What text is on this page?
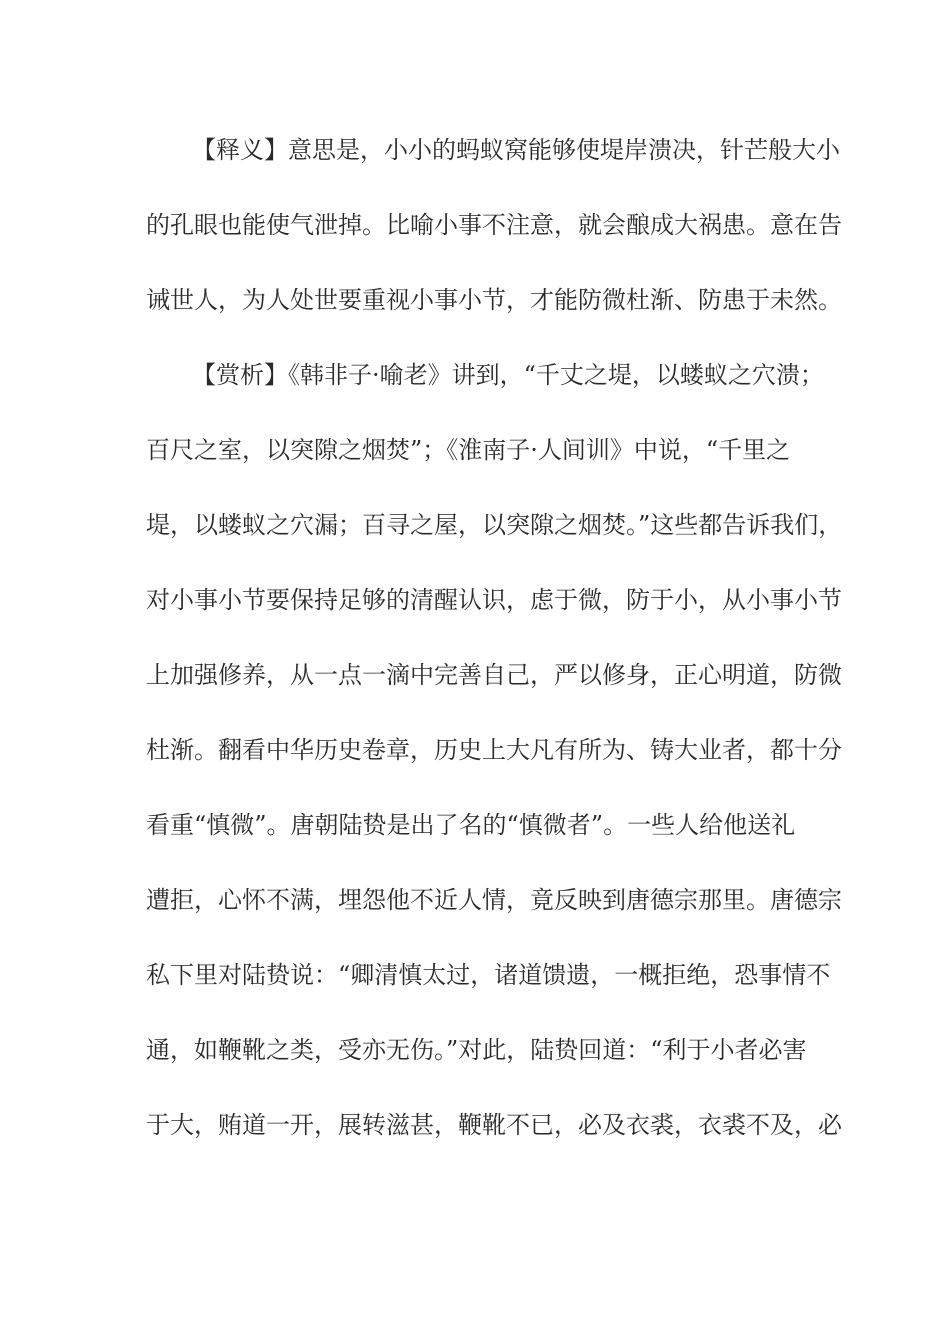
【释义】意思是，小小的蚂蚁窝能够使堤岸溃决，针芒般大小
的孔眼也能使气泄掉。比喻小事不注意，就会酿成大祸患。意在告
诫世人，为人处世要重视小事小节，才能防微杜渐、防患于未然。
【赏析】《韩非子·喻老》讲到，“千丈之堤，以蝼蚁之穴溃；
百尺之室，以突隙之烟焚”；《淮南子·人间训》中说，“千里之
堤，以蝼蚁之穴漏；百寻之屋，以突隙之烟焚。”这些都告诉我们，
对小事小节要保持足够的清醒认识，虑于微，防于小，从小事小节
上加强修养，从一点一滴中完善自己，严以修身，正心明道，防微
杜渐。翻看中华历史卷章，历史上大凡有所为、铸大业者，都十分
看重“慎微”。唐朝陆贽是出了名的“慎微者”。一些人给他送礼
遭拒，心怀不满，埋怨他不近人情，竟反映到唐德宗那里。唐德宗
私下里对陆贽说：“卿清慎太过，诸道馈遗，一概拒绝，恐事情不
通，如鞭靴之类，受亦无伤。”对此，陆贽回道：“利于小者必害
于大，贿道一开，展转滋甚，鞭靴不已，必及衣裘，衣裘不及，必
